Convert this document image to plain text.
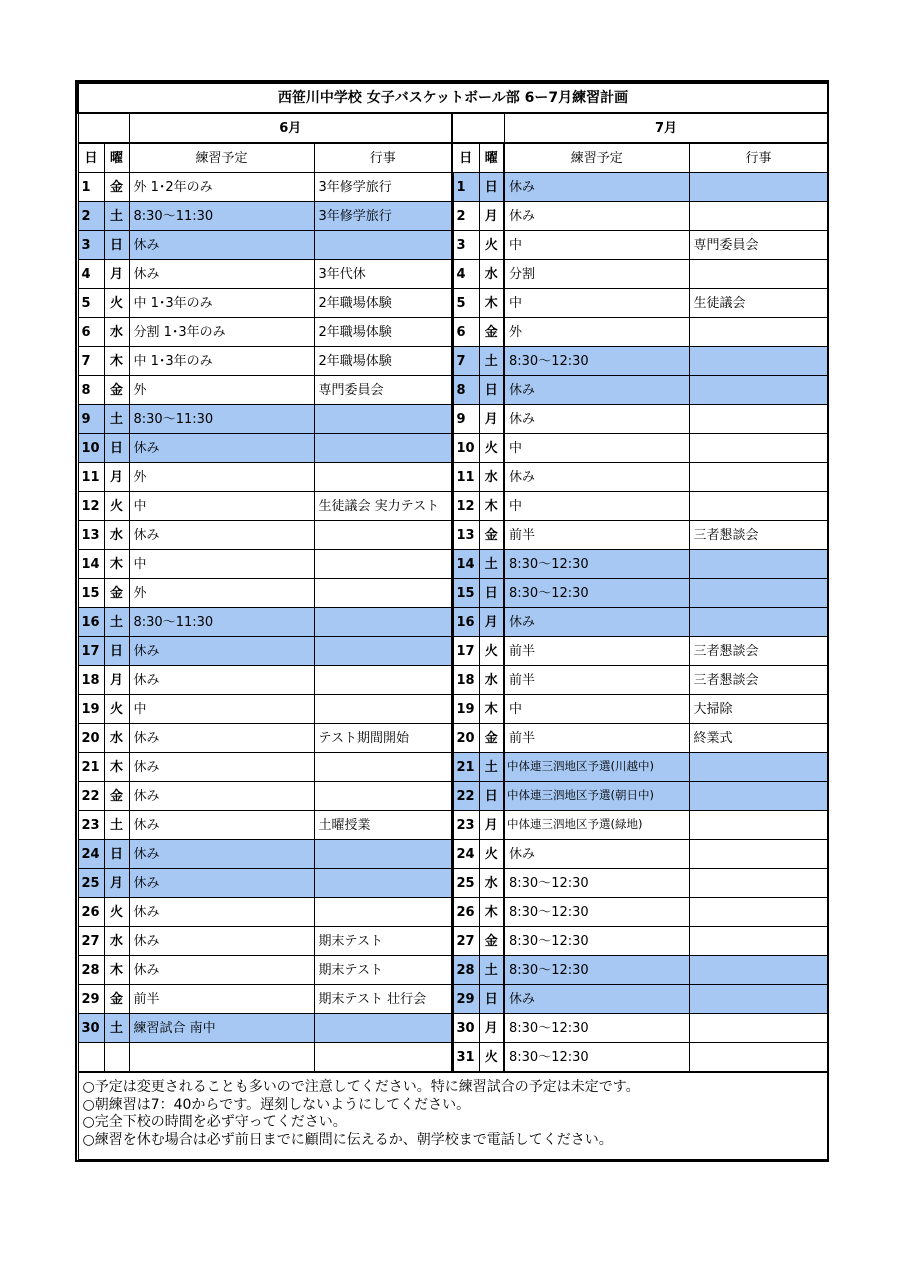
西笹川中学校 女子バスケットボール部 6ー7月練習計画							
		6月				7月	
日	曜	練習予定	行事	日	曜	練習予定	行事
1	金	外 1･2年のみ	3年修学旅行	1	日	休み	
2	土	8:30～11:30	3年修学旅行	2	月	休み	
3	日	休み		3	火	中	専門委員会
4	月	休み	3年代休	4	水	分割	
5	火	中 1･3年のみ	2年職場体験	5	木	中	生徒議会
6	水	分割 1･3年のみ	2年職場体験	6	金	外	
7	木	中 1･3年のみ	2年職場体験	7	土	8:30～12:30	
8	金	外	専門委員会	8	日	休み	
9	土	8:30～11:30		9	月	休み	
10	日	休み		10	火	中	
11	月	外		11	水	休み	
12	火	中	生徒議会 実力テスト	12	木	中	
13	水	休み		13	金	前半	三者懇談会
14	木	中		14	土	8:30～12:30	
15	金	外		15	日	8:30～12:30	
16	土	8:30～11:30		16	月	休み	
17	日	休み		17	火	前半	三者懇談会
18	月	休み		18	水	前半	三者懇談会
19	火	中		19	木	中	大掃除
20	水	休み	テスト期間開始	20	金	前半	終業式
21	木	休み		21	土	中体連三泗地区予選(川越中)	
22	金	休み		22	日	中体連三泗地区予選(朝日中)	
23	土	休み	土曜授業	23	月	中体連三泗地区予選(緑地)	
24	日	休み		24	火	休み	
25	月	休み		25	水	8:30～12:30	
26	火	休み		26	木	8:30～12:30	
27	水	休み	期末テスト	27	金	8:30～12:30	
28	木	休み	期末テスト	28	土	8:30～12:30	
29	金	前半	期末テスト 壮行会	29	日	休み	
30	土	練習試合 南中		30	月	8:30～12:30	
				31	火	8:30～12:30	

○予定は変更されることも多いので注意してください。特に練習試合の予定は未定です。
○朝練習は7：40からです。遅刻しないようにしてください。
○完全下校の時間を必ず守ってください。
○練習を休む場合は必ず前日までに顧問に伝えるか、朝学校まで電話してください。							
